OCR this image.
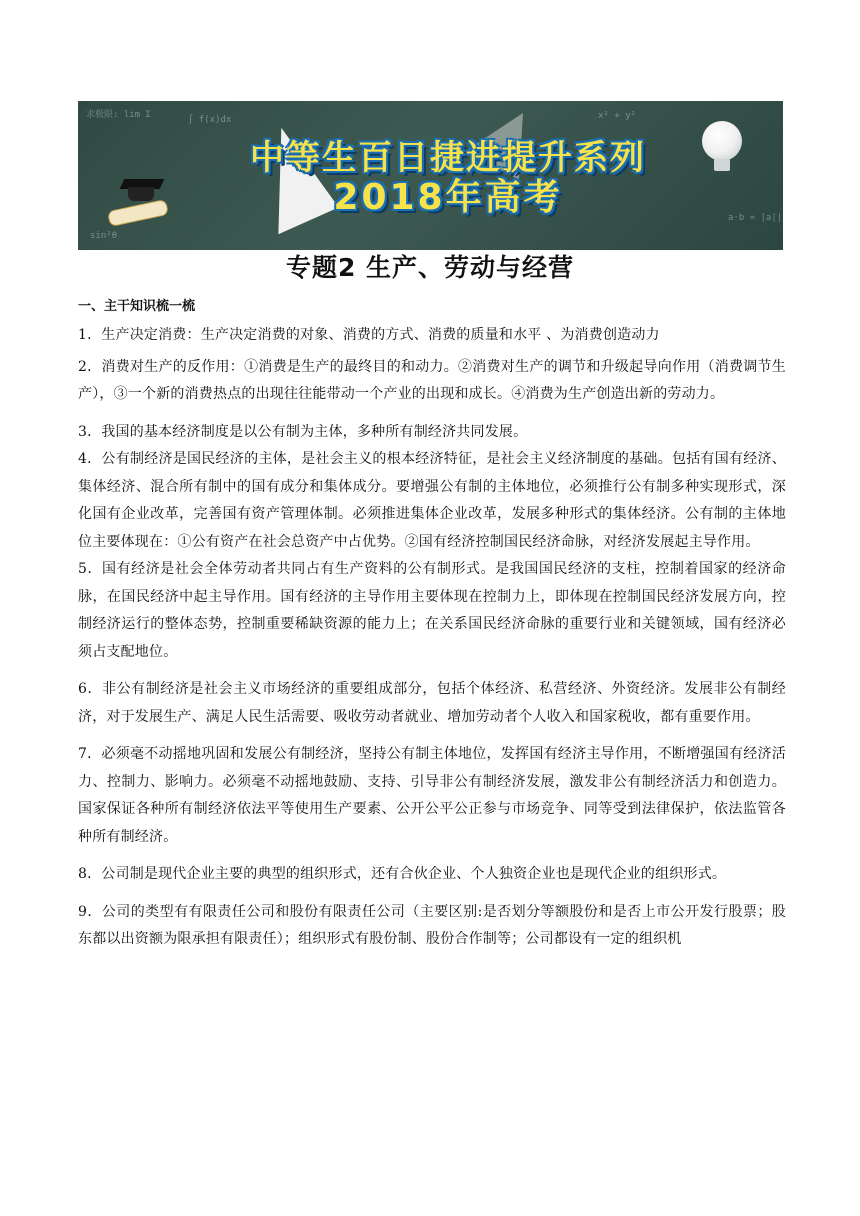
求极限: lim Σ	∫ f(x)dx	x² + y²
a·b = |a||b|
sin²θ
中等生百日捷进提升系列
2018年高考
专题2 生产、劳动与经营
一、主干知识梳一梳

1．生产决定消费：生产决定消费的对象、消费的方式、消费的质量和水平 、为消费创造动力

2．消费对生产的反作用：①消费是生产的最终目的和动力。②消费对生产的调节和升级起导向作用（消费调节生产），③一个新的消费热点的出现往往能带动一个产业的出现和成长。④消费为生产创造出新的劳动力。

3．我国的基本经济制度是以公有制为主体，多种所有制经济共同发展。

4．公有制经济是国民经济的主体，是社会主义的根本经济特征，是社会主义经济制度的基础。包括有国有经济、集体经济、混合所有制中的国有成分和集体成分。要增强公有制的主体地位，必须推行公有制多种实现形式，深化国有企业改革，完善国有资产管理体制。必须推进集体企业改革，发展多种形式的集体经济。公有制的主体地位主要体现在：①公有资产在社会总资产中占优势。②国有经济控制国民经济命脉，对经济发展起主导作用。

5．国有经济是社会全体劳动者共同占有生产资料的公有制形式。是我国国民经济的支柱，控制着国家的经济命脉，在国民经济中起主导作用。国有经济的主导作用主要体现在控制力上，即体现在控制国民经济发展方向，控制经济运行的整体态势，控制重要稀缺资源的能力上；在关系国民经济命脉的重要行业和关键领域，国有经济必须占支配地位。

6．非公有制经济是社会主义市场经济的重要组成部分，包括个体经济、私营经济、外资经济。发展非公有制经济，对于发展生产、满足人民生活需要、吸收劳动者就业、增加劳动者个人收入和国家税收，都有重要作用。

7．必须毫不动摇地巩固和发展公有制经济，坚持公有制主体地位，发挥国有经济主导作用，不断增强国有经济活力、控制力、影响力。必须毫不动摇地鼓励、支持、引导非公有制经济发展，激发非公有制经济活力和创造力。国家保证各种所有制经济依法平等使用生产要素、公开公平公正参与市场竞争、同等受到法律保护，依法监管各种所有制经济。

8．公司制是现代企业主要的典型的组织形式，还有合伙企业、个人独资企业也是现代企业的组织形式。

9．公司的类型有有限责任公司和股份有限责任公司（主要区别:是否划分等额股份和是否上市公开发行股票；股东都以出资额为限承担有限责任）；组织形式有股份制、股份合作制等；公司都设有一定的组织机
